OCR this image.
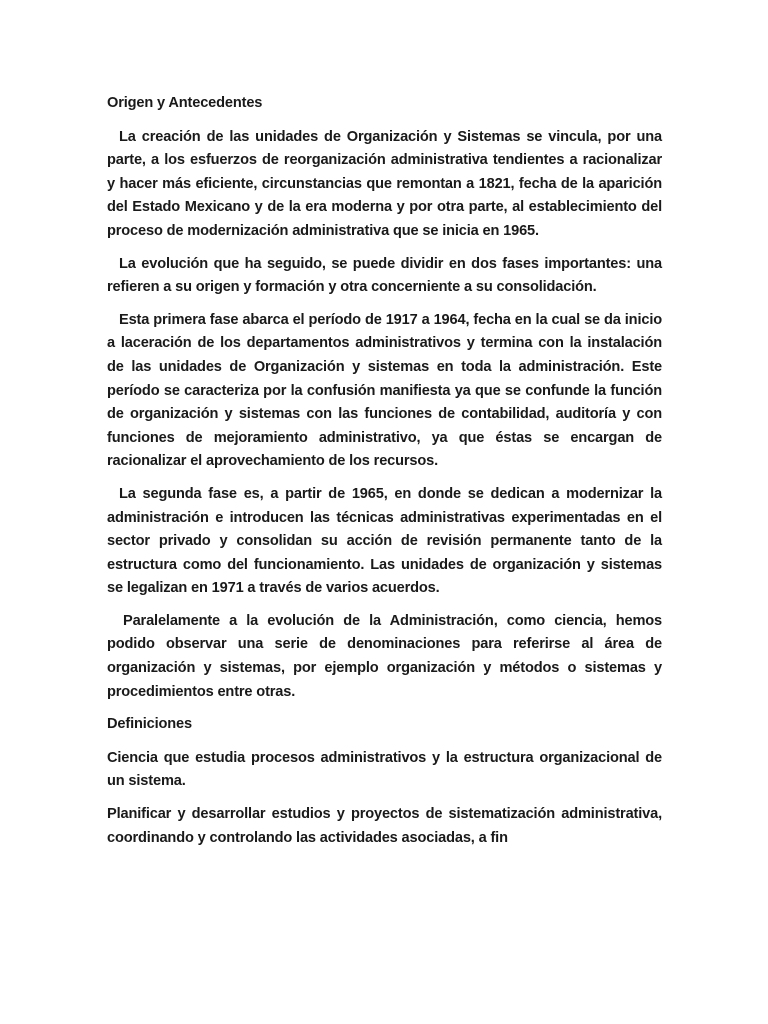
Origen y Antecedentes
La creación de las unidades de Organización y Sistemas se vincula, por una parte, a los esfuerzos de reorganización administrativa tendientes a racionalizar y hacer más eficiente, circunstancias que remontan a 1821, fecha de la aparición del Estado Mexicano y de la era moderna y por otra parte, al establecimiento del proceso de modernización administrativa que se inicia en 1965.
La evolución que ha seguido, se puede dividir en dos fases importantes: una refieren a su origen y formación y otra concerniente a su consolidación.
Esta primera fase abarca el período de 1917 a 1964, fecha en la cual se da inicio a laceración de los departamentos administrativos y termina con la instalación de las unidades de Organización y sistemas en toda la administración. Este período se caracteriza por la confusión manifiesta ya que se confunde la función de organización y sistemas con las funciones de contabilidad, auditoría y con funciones de mejoramiento administrativo, ya que éstas se encargan de racionalizar el aprovechamiento de los recursos.
La segunda fase es, a partir de 1965, en donde se dedican a modernizar la administración e introducen las técnicas administrativas experimentadas en el sector privado y consolidan su acción de revisión permanente tanto de la estructura como del funcionamiento. Las unidades de organización y sistemas se legalizan en 1971 a través de varios acuerdos.
Paralelamente a la evolución de la Administración, como ciencia, hemos podido observar una serie de denominaciones para referirse al área de organización y sistemas, por ejemplo organización y métodos o sistemas y procedimientos entre otras.
Definiciones
Ciencia que estudia procesos administrativos y la estructura organizacional de un sistema.
Planificar y desarrollar estudios y proyectos de sistematización administrativa, coordinando y controlando las actividades asociadas, a fin
